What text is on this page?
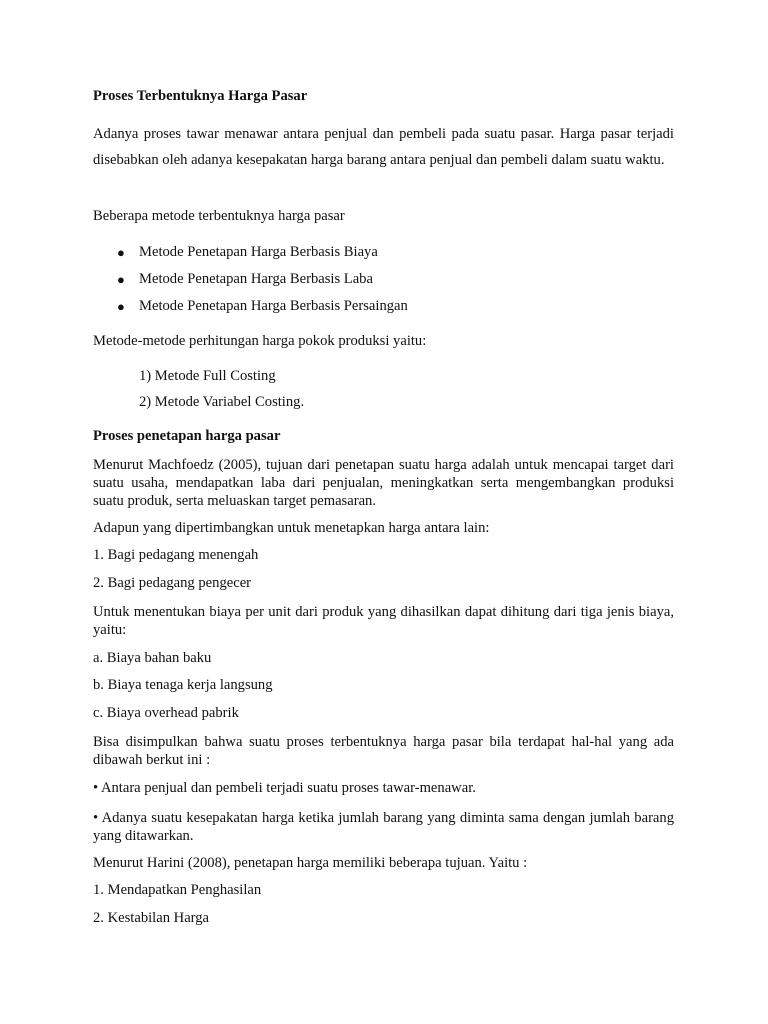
Proses Terbentuknya Harga Pasar

Adanya proses tawar menawar antara penjual dan pembeli pada suatu pasar. Harga pasar terjadi disebabkan oleh adanya kesepakatan harga barang antara penjual dan pembeli dalam suatu waktu.

Beberapa metode terbentuknya harga pasar

● Metode Penetapan Harga Berbasis Biaya

● Metode Penetapan Harga Berbasis Laba

● Metode Penetapan Harga Berbasis Persaingan

Metode-metode perhitungan harga pokok produksi yaitu:

1) Metode Full Costing

2) Metode Variabel Costing.

Proses penetapan harga pasar

Menurut Machfoedz (2005), tujuan dari penetapan suatu harga adalah untuk mencapai target dari suatu usaha, mendapatkan laba dari penjualan, meningkatkan serta mengembangkan produksi suatu produk, serta meluaskan target pemasaran.

Adapun yang dipertimbangkan untuk menetapkan harga antara lain:

1. Bagi pedagang menengah

2. Bagi pedagang pengecer

Untuk menentukan biaya per unit dari produk yang dihasilkan dapat dihitung dari tiga jenis biaya, yaitu:

a. Biaya bahan baku

b. Biaya tenaga kerja langsung

c. Biaya overhead pabrik

Bisa disimpulkan bahwa suatu proses terbentuknya harga pasar bila terdapat hal-hal yang ada dibawah berkut ini :

• Antara penjual dan pembeli terjadi suatu proses tawar-menawar.

• Adanya suatu kesepakatan harga ketika jumlah barang yang diminta sama dengan jumlah barang yang ditawarkan.

Menurut Harini (2008), penetapan harga memiliki beberapa tujuan. Yaitu :

1. Mendapatkan Penghasilan

2. Kestabilan Harga
